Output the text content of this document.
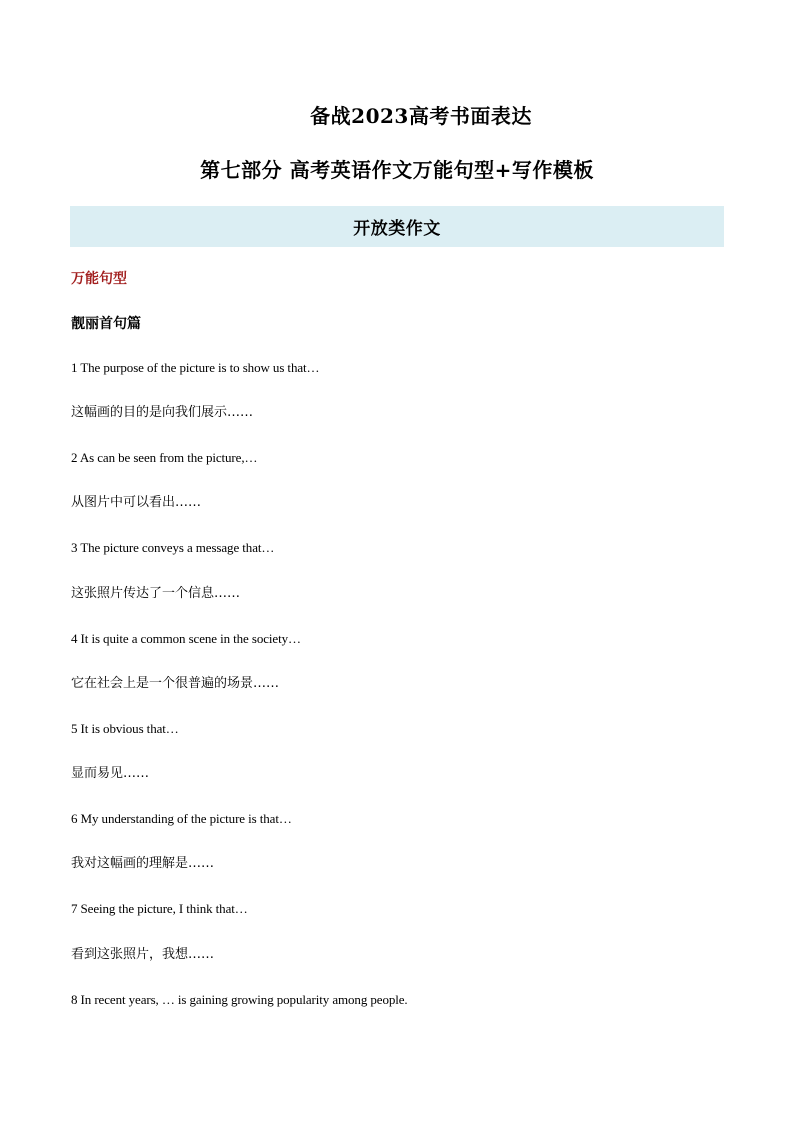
备战2023高考书面表达
第七部分 高考英语作文万能句型+写作模板
开放类作文
万能句型
靓丽首句篇
1 The purpose of the picture is to show us that…
这幅画的目的是向我们展示……
2 As can be seen from the picture,…
从图片中可以看出……
3 The picture conveys a message that…
这张照片传达了一个信息……
4 It is quite a common scene in the society…
它在社会上是一个很普遍的场景……
5 It is obvious that…
显而易见……
6 My understanding of the picture is that…
我对这幅画的理解是……
7 Seeing the picture, I think that…
看到这张照片，我想……
8 In recent years, … is gaining growing popularity among people.
